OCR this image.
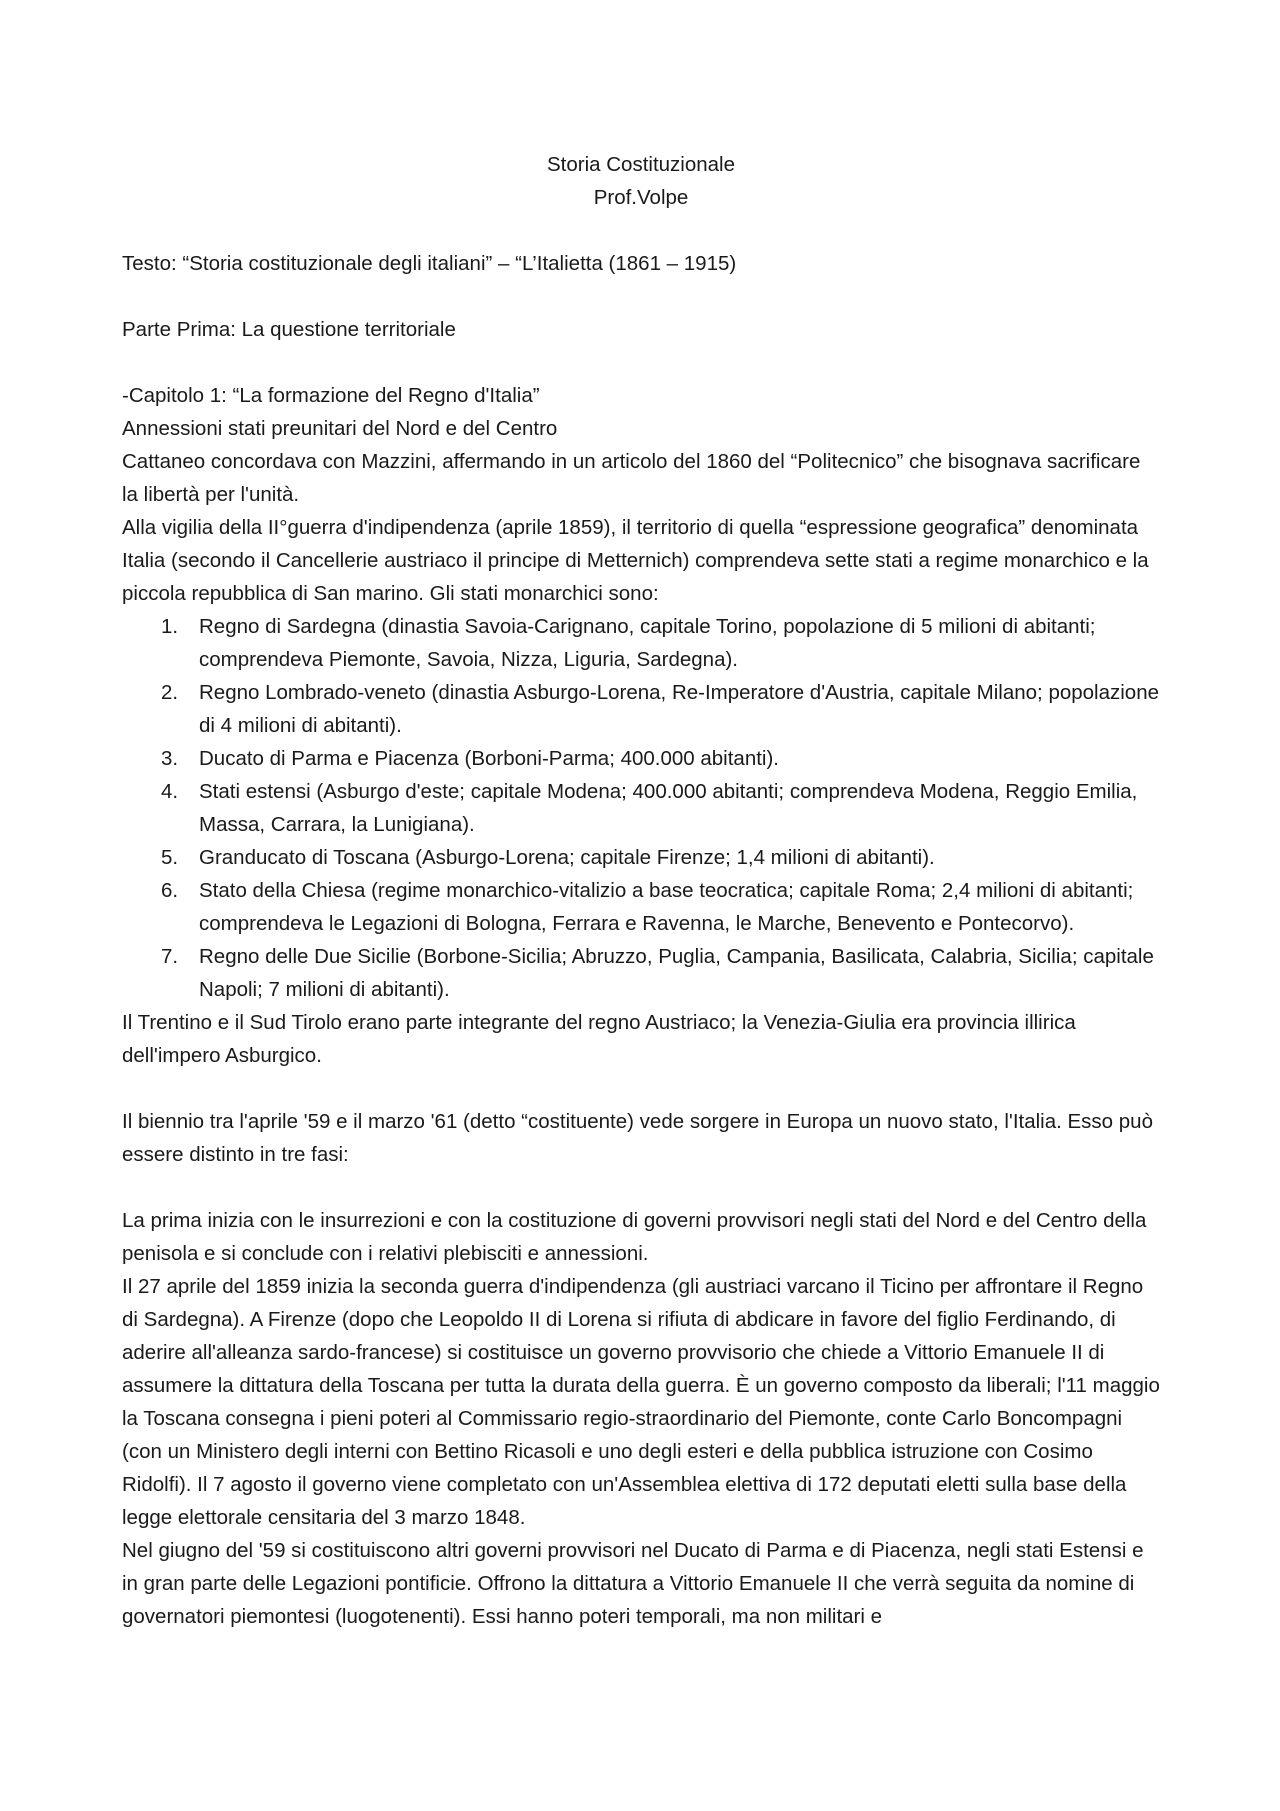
Storia Costituzionale

Prof.Volpe

Testo: “Storia costituzionale degli italiani” – “L’Italietta (1861 – 1915)

Parte Prima: La questione territoriale

-Capitolo 1: “La formazione del Regno d'Italia”

Annessioni stati preunitari del Nord e del Centro

Cattaneo concordava con Mazzini, affermando in un articolo del 1860 del “Politecnico” che bisognava sacrificare la libertà per l'unità.

Alla vigilia della II°guerra d'indipendenza (aprile 1859), il territorio di quella “espressione geografica” denominata Italia (secondo il Cancellerie austriaco il principe di Metternich) comprendeva sette stati a regime monarchico e la piccola repubblica di San marino. Gli stati monarchici sono:

1. Regno di Sardegna (dinastia Savoia-Carignano, capitale Torino, popolazione di 5 milioni di abitanti; comprendeva Piemonte, Savoia, Nizza, Liguria, Sardegna).
2. Regno Lombrado-veneto (dinastia Asburgo-Lorena, Re-Imperatore d'Austria, capitale Milano; popolazione di 4 milioni di abitanti).
3. Ducato di Parma e Piacenza (Borboni-Parma; 400.000 abitanti).
4. Stati estensi (Asburgo d'este; capitale Modena; 400.000 abitanti; comprendeva Modena, Reggio Emilia, Massa, Carrara, la Lunigiana).
5. Granducato di Toscana (Asburgo-Lorena; capitale Firenze; 1,4 milioni di abitanti).
6. Stato della Chiesa (regime monarchico-vitalizio a base teocratica; capitale Roma; 2,4 milioni di abitanti; comprendeva le Legazioni di Bologna, Ferrara e Ravenna, le Marche, Benevento e Pontecorvo).
7. Regno delle Due Sicilie (Borbone-Sicilia; Abruzzo, Puglia, Campania, Basilicata, Calabria, Sicilia; capitale Napoli; 7 milioni di abitanti).

Il Trentino e il Sud Tirolo erano parte integrante del regno Austriaco; la Venezia-Giulia era provincia illirica dell'impero Asburgico.

Il biennio tra l'aprile '59 e il marzo '61 (detto “costituente) vede sorgere in Europa un nuovo stato, l'Italia. Esso può essere distinto in tre fasi:

La prima inizia con le insurrezioni e con la costituzione di governi provvisori negli stati del Nord e del Centro della penisola e si conclude con i relativi plebisciti e annessioni.

Il 27 aprile del 1859 inizia la seconda guerra d'indipendenza (gli austriaci varcano il Ticino per affrontare il Regno di Sardegna). A Firenze (dopo che Leopoldo II di Lorena si rifiuta di abdicare in favore del figlio Ferdinando, di aderire all'alleanza sardo-francese) si costituisce un governo provvisorio che chiede a Vittorio Emanuele II di assumere la dittatura della Toscana per tutta la durata della guerra. È un governo composto da liberali; l'11 maggio la Toscana consegna i pieni poteri al Commissario regio-straordinario del Piemonte, conte Carlo Boncompagni (con un Ministero degli interni con Bettino Ricasoli e uno degli esteri e della pubblica istruzione con Cosimo Ridolfi). Il 7 agosto il governo viene completato con un'Assemblea elettiva di 172 deputati eletti sulla base della legge elettorale censitaria del 3 marzo 1848.

Nel giugno del '59 si costituiscono altri governi provvisori nel Ducato di Parma e di Piacenza, negli stati Estensi e in gran parte delle Legazioni pontificie. Offrono la dittatura a Vittorio Emanuele II che verrà seguita da nomine di governatori piemontesi (luogotenenti). Essi hanno poteri temporali, ma non militari e
